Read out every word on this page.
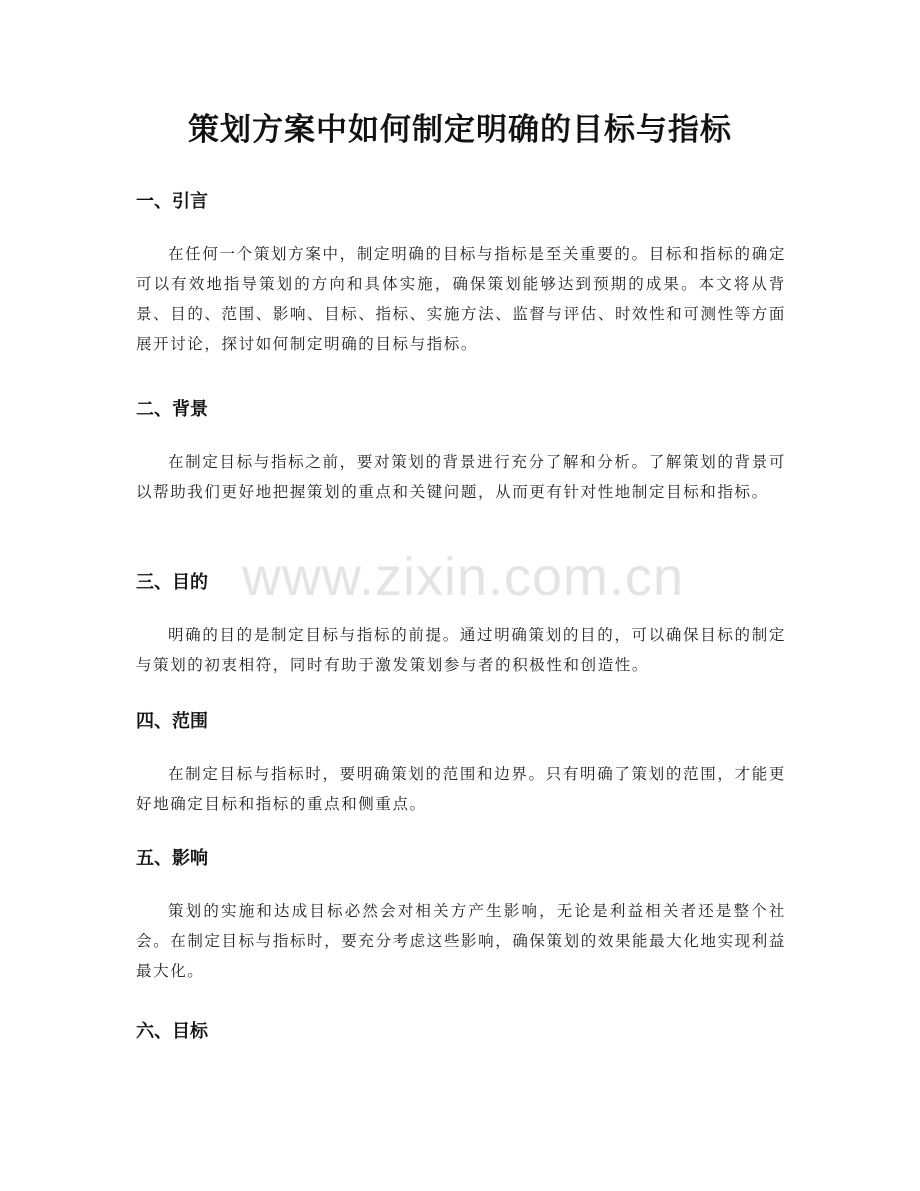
www.zixin.com.cn
策划方案中如何制定明确的目标与指标
一、引言

在任何一个策划方案中，制定明确的目标与指标是至关重要的。目标和指标的确定可以有效地指导策划的方向和具体实施，确保策划能够达到预期的成果。本文将从背景、目的、范围、影响、目标、指标、实施方法、监督与评估、时效性和可测性等方面展开讨论，探讨如何制定明确的目标与指标。

二、背景

在制定目标与指标之前，要对策划的背景进行充分了解和分析。了解策划的背景可以帮助我们更好地把握策划的重点和关键问题，从而更有针对性地制定目标和指标。

三、目的

明确的目的是制定目标与指标的前提。通过明确策划的目的，可以确保目标的制定与策划的初衷相符，同时有助于激发策划参与者的积极性和创造性。

四、范围

在制定目标与指标时，要明确策划的范围和边界。只有明确了策划的范围，才能更好地确定目标和指标的重点和侧重点。

五、影响

策划的实施和达成目标必然会对相关方产生影响，无论是利益相关者还是整个社会。在制定目标与指标时，要充分考虑这些影响，确保策划的效果能最大化地实现利益最大化。

六、目标
